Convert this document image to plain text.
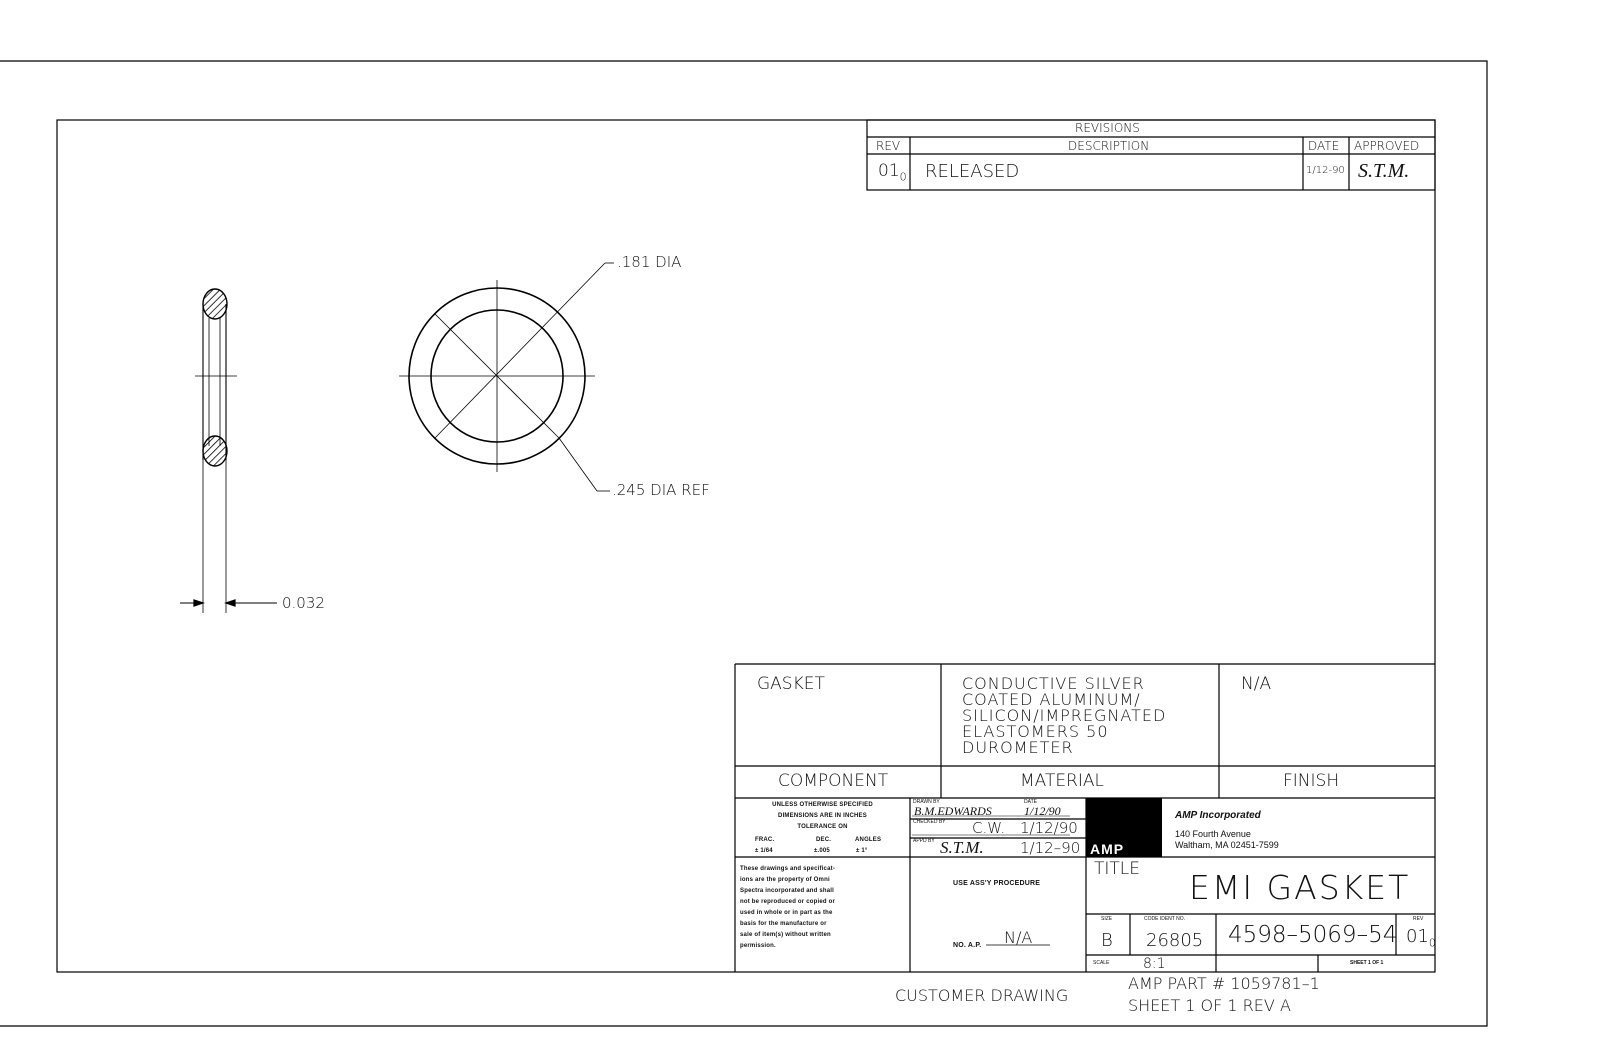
REVISIONS
REV	DESCRIPTION	DATE APPROVED
$01_0$ RELEASED	1/12-90 S.T.M.
.181 DIA
.245 DIA REF
0.032
GASKET	CONDUCTIVE SILVER
COATED ALUMINUM/
SILICON/IMPREGNATED
ELASTOMERS 50
DUROMETER
N/A
COMPONENT	MATERIAL	FINISH
UNLESS OTHERWISE SPECIFIED
DIMENSIONS ARE IN INCHES
TOLERANCE ON
FRAC.	DEC.	ANGLES
± 1/64	±.005	± 1°
These drawings and specificat-
ions are the property of Omni
Spectra incorporated and shall
not be reproduced or copied or
used in whole or in part as the
basis for the manufacture or
sale of item(s) without written
permission.
DRAWN BY	DATE
B.M.EDWARDS	1/12/90
CHECKED BY C.W. 1/12/90
APPD BY S.T.M. 1/12–90 AMP
AMP Incorporated
140 Fourth Avenue
Waltham, MA 02451-7599
USE ASS'Y PROCEDURE
NO. A.P. N/A
TITLE EMI GASKET
SIZE
B
CODE IDENT NO.
26805 4598–5069–54
REV
$01_0$
SCALE 8:1	SHEET 1 OF 1
CUSTOMER DRAWING
AMP PART # 1059781–1
SHEET 1 OF 1 REV A
